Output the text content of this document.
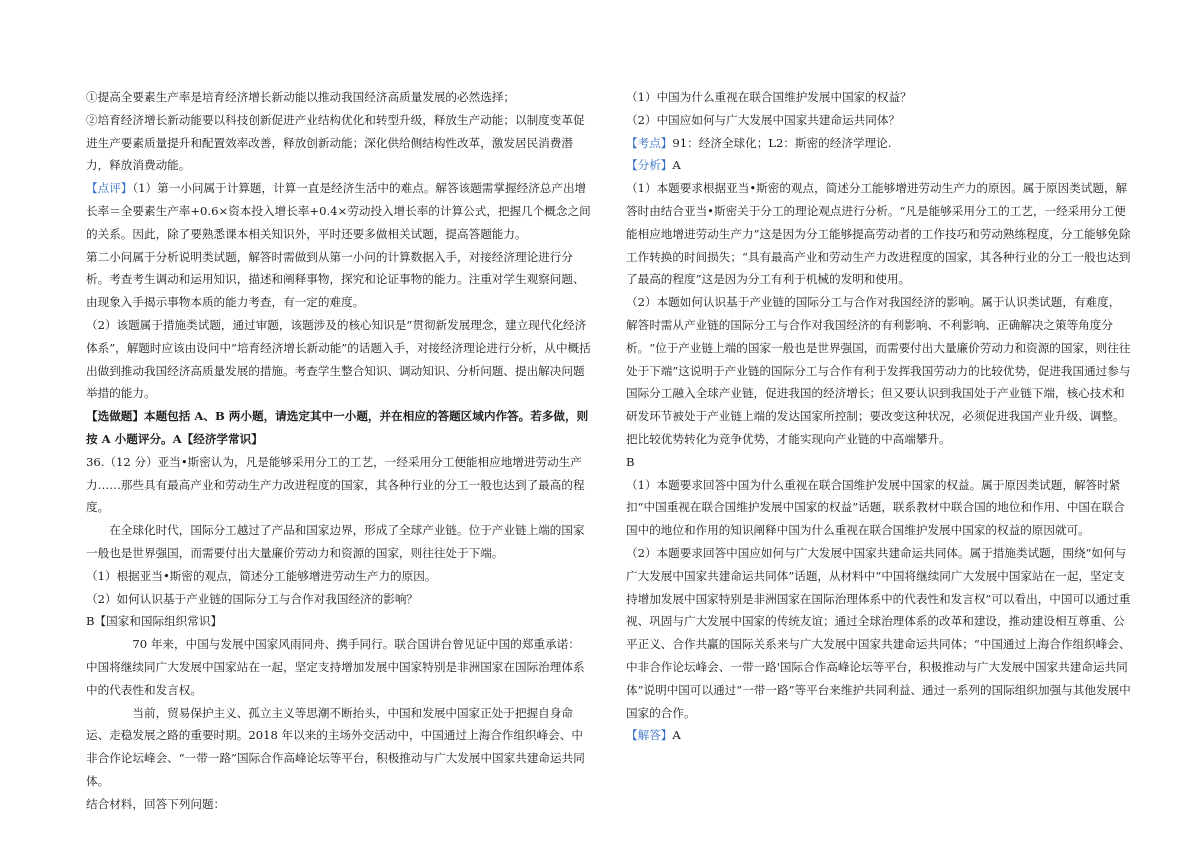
①提高全要素生产率是培育经济增长新动能以推动我国经济高质量发展的必然选择；

②培育经济增长新动能要以科技创新促进产业结构优化和转型升级，释放生产动能；以制度变革促进生产要素质量提升和配置效率改善，释放创新动能；深化供给侧结构性改革，激发居民消费潜力，释放消费动能。

【点评】（1）第一小问属于计算题，计算一直是经济生活中的难点。解答该题需掌握经济总产出增长率＝全要素生产率+0.6×资本投入增长率+0.4×劳动投入增长率的计算公式，把握几个概念之间的关系。因此，除了要熟悉课本相关知识外，平时还要多做相关试题，提高答题能力。

第二小问属于分析说明类试题，解答时需做到从第一小问的计算数据入手，对接经济理论进行分析。考查考生调动和运用知识，描述和阐释事物，探究和论证事物的能力。注重对学生观察问题、由现象入手揭示事物本质的能力考查，有一定的难度。

（2）该题属于措施类试题，通过审题，该题涉及的核心知识是“贯彻新发展理念，建立现代化经济体系”，解题时应该由设问中“培育经济增长新动能”的话题入手，对接经济理论进行分析，从中概括出做到推动我国经济高质量发展的措施。考查学生整合知识、调动知识、分析问题、提出解决问题举措的能力。

【选做题】本题包括 A、B 两小题，请选定其中一小题，并在相应的答题区域内作答。若多做，则按 A 小题评分。A【经济学常识】

36.（12 分）亚当•斯密认为，凡是能够采用分工的工艺，一经采用分工便能相应地增进劳动生产力……那些具有最高产业和劳动生产力改进程度的国家，其各种行业的分工一般也达到了最高的程度。

在全球化时代，国际分工越过了产品和国家边界，形成了全球产业链。位于产业链上端的国家一般也是世界强国，而需要付出大量廉价劳动力和资源的国家，则往往处于下端。

（1）根据亚当•斯密的观点，简述分工能够增进劳动生产力的原因。

（2）如何认识基于产业链的国际分工与合作对我国经济的影响？

B【国家和国际组织常识】

70 年来，中国与发展中国家风雨同舟、携手同行。联合国讲台曾见证中国的郑重承诺：中国将继续同广大发展中国家站在一起，坚定支持增加发展中国家特别是非洲国家在国际治理体系中的代表性和发言权。

当前，贸易保护主义、孤立主义等思潮不断抬头，中国和发展中国家正处于把握自身命运、走稳发展之路的重要时期。2018 年以来的主场外交活动中，中国通过上海合作组织峰会、中非合作论坛峰会、“一带一路”国际合作高峰论坛等平台，积极推动与广大发展中国家共建命运共同体。

结合材料，回答下列问题：

（1）中国为什么重视在联合国维护发展中国家的权益？

（2）中国应如何与广大发展中国家共建命运共同体？

【考点】91：经济全球化；L2：斯密的经济学理论.

【分析】A

（1）本题要求根据亚当•斯密的观点，简述分工能够增进劳动生产力的原因。属于原因类试题，解答时由结合亚当•斯密关于分工的理论观点进行分析。“凡是能够采用分工的工艺，一经采用分工便能相应地增进劳动生产力”这是因为分工能够提高劳动者的工作技巧和劳动熟练程度，分工能够免除工作转换的时间损失；“具有最高产业和劳动生产力改进程度的国家，其各种行业的分工一般也达到了最高的程度”这是因为分工有利于机械的发明和使用。

（2）本题如何认识基于产业链的国际分工与合作对我国经济的影响。属于认识类试题，有难度，解答时需从产业链的国际分工与合作对我国经济的有利影响、不利影响、正确解决之策等角度分析。“位于产业链上端的国家一般也是世界强国，而需要付出大量廉价劳动力和资源的国家，则往往处于下端”这说明于产业链的国际分工与合作有利于发挥我国劳动力的比较优势，促进我国通过参与国际分工融入全球产业链，促进我国的经济增长；但又要认识到我国处于产业链下端，核心技术和研发环节被处于产业链上端的发达国家所控制；要改变这种状况，必须促进我国产业升级、调整。把比较优势转化为竞争优势，才能实现向产业链的中高端攀升。

B

（1）本题要求回答中国为什么重视在联合国维护发展中国家的权益。属于原因类试题，解答时紧扣“中国重视在联合国维护发展中国家的权益”话题，联系教材中联合国的地位和作用、中国在联合国中的地位和作用的知识阐释中国为什么重视在联合国维护发展中国家的权益的原因就可。

（2）本题要求回答中国应如何与广大发展中国家共建命运共同体。属于措施类试题，围绕“如何与广大发展中国家共建命运共同体”话题，从材料中“中国将继续同广大发展中国家站在一起，坚定支持增加发展中国家特别是非洲国家在国际治理体系中的代表性和发言权”可以看出，中国可以通过重视、巩固与广大发展中国家的传统友谊；通过全球治理体系的改革和建设，推动建设相互尊重、公平正义、合作共赢的国际关系来与广大发展中国家共建命运共同体；“中国通过上海合作组织峰会、中非合作论坛峰会、一带一路'国际合作高峰论坛等平台，积极推动与广大发展中国家共建命运共同体”说明中国可以通过“一带一路”等平台来维护共同利益、通过一系列的国际组织加强与其他发展中国家的合作。

【解答】A
